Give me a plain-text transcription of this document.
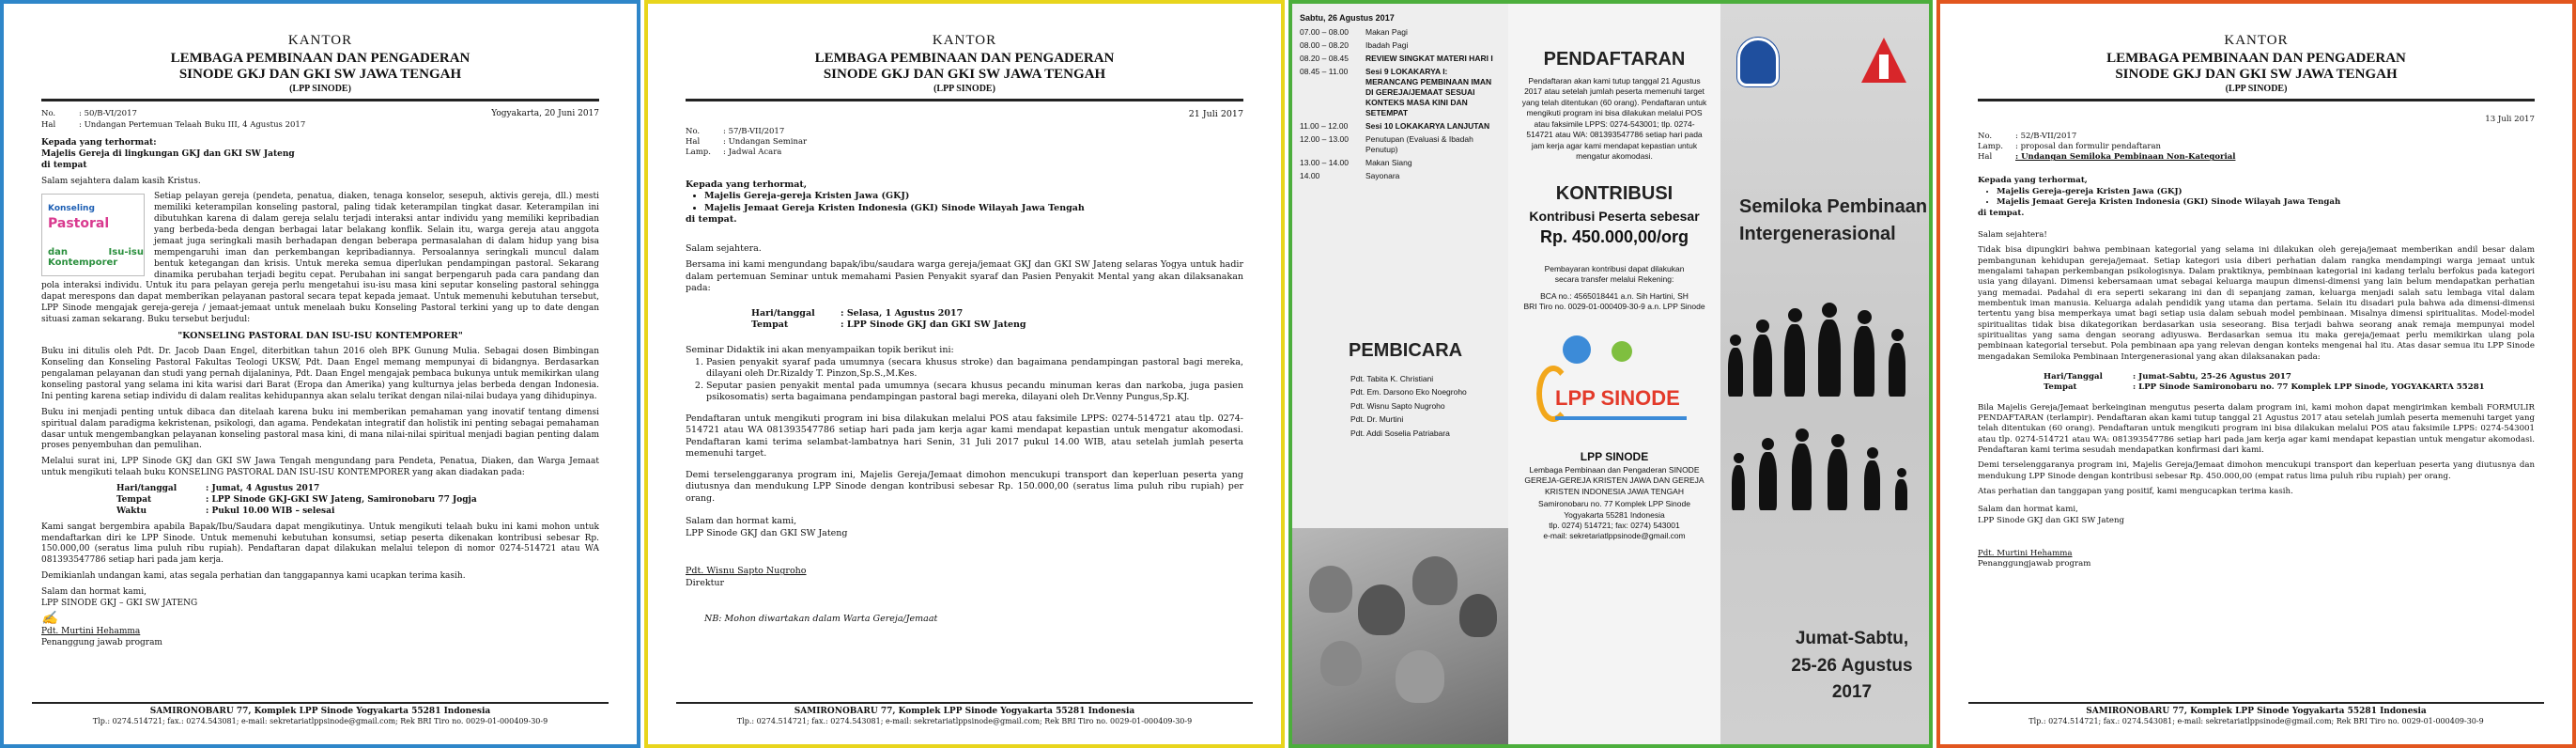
KANTOR
LEMBAGA PEMBINAAN DAN PENGADERAN
SINODE GKJ DAN GKI SW JAWA TENGAH
(LPP SINODE)
No.	: 50/B-VI/2017
Hal	: Undangan Pertemuan Telaah Buku III, 4 Agustus 2017
Yogyakarta, 20 Juni 2017
Kepada yang terhormat:
Majelis Gereja di lingkungan GKJ dan GKI SW Jateng
di tempat
Salam sejahtera dalam kasih Kristus.
Konseling
Pastoral
dan Isu-isu Kontemporer
Setiap pelayan gereja (pendeta, penatua, diaken, tenaga konselor, sesepuh, aktivis gereja, dll.) mesti memiliki keterampilan konseling pastoral, paling tidak keterampilan tingkat dasar. Keterampilan ini dibutuhkan karena di dalam gereja selalu terjadi interaksi antar individu yang memiliki kepribadian yang berbeda-beda dengan berbagai latar belakang konflik. Selain itu, warga gereja atau anggota jemaat juga seringkali masih berhadapan dengan beberapa permasalahan di dalam hidup yang bisa mempengaruhi iman dan perkembangan kepribadiannya. Persoalannya seringkali muncul dalam bentuk ketegangan dan krisis. Untuk mereka semua diperlukan pendampingan pastoral. Sekarang dinamika perubahan terjadi begitu cepat. Perubahan ini sangat berpengaruh pada cara pandang dan pola interaksi individu. Untuk itu para pelayan gereja perlu mengetahui isu-isu masa kini seputar konseling pastoral sehingga dapat merespons dan dapat memberikan pelayanan pastoral secara tepat kepada jemaat. Untuk memenuhi kebutuhan tersebut, LPP Sinode mengajak gereja-gereja / jemaat-jemaat untuk menelaah buku Konseling Pastoral terkini yang up to date dengan situasi zaman sekarang. Buku tersebut berjudul:
"KONSELING PASTORAL DAN ISU-ISU KONTEMPORER"
Buku ini ditulis oleh Pdt. Dr. Jacob Daan Engel, diterbitkan tahun 2016 oleh BPK Gunung Mulia. Sebagai dosen Bimbingan Konseling dan Konseling Pastoral Fakultas Teologi UKSW, Pdt. Daan Engel memang mempunyai di bidangnya. Berdasarkan pengalaman pelayanan dan studi yang pernah dijalaninya, Pdt. Daan Engel mengajak pembaca bukunya untuk memikirkan ulang konseling pastoral yang selama ini kita warisi dari Barat (Eropa dan Amerika) yang kulturnya jelas berbeda dengan Indonesia. Ini penting karena setiap individu di dalam realitas kehidupannya akan selalu terikat dengan nilai-nilai budaya yang dihidupinya.
Buku ini menjadi penting untuk dibaca dan ditelaah karena buku ini memberikan pemahaman yang inovatif tentang dimensi spiritual dalam paradigma kekristenan, psikologi, dan agama. Pendekatan integratif dan holistik ini penting sebagai pemahaman dasar untuk mengembangkan pelayanan konseling pastoral masa kini, di mana nilai-nilai spiritual menjadi bagian penting dalam proses penyembuhan dan pemulihan.
Melalui surat ini, LPP Sinode GKJ dan GKI SW Jawa Tengah mengundang para Pendeta, Penatua, Diaken, dan Warga Jemaat untuk mengikuti telaah buku KONSELING PASTORAL DAN ISU-ISU KONTEMPORER yang akan diadakan pada:
Hari/tanggal	: Jumat, 4 Agustus 2017
Tempat	: LPP Sinode GKJ-GKI SW Jateng, Samironobaru 77 Jogja
Waktu	: Pukul 10.00 WIB – selesai
Kami sangat bergembira apabila Bapak/Ibu/Saudara dapat mengikutinya. Untuk mengikuti telaah buku ini kami mohon untuk mendaftarkan diri ke LPP Sinode. Untuk memenuhi kebutuhan konsumsi, setiap peserta dikenakan kontribusi sebesar Rp. 150.000,00 (seratus lima puluh ribu rupiah). Pendaftaran dapat dilakukan melalui telepon di nomor 0274-514721 atau WA 081393547786 setiap hari pada jam kerja.
Demikianlah undangan kami, atas segala perhatian dan tanggapannya kami ucapkan terima kasih.
Salam dan hormat kami,
LPP SINODE GKJ – GKI SW JATENG
✍
Pdt. Murtini Hehamma
Penanggung jawab program
SAMIRONOBARU 77, Komplek LPP Sinode Yogyakarta 55281 Indonesia
Tlp.: 0274.514721; fax.: 0274.543081; e-mail: sekretariatlppsinode@gmail.com; Rek BRI Tiro no. 0029-01-000409-30-9
KANTOR
LEMBAGA PEMBINAAN DAN PENGADERAN
SINODE GKJ DAN GKI SW JAWA TENGAH
(LPP SINODE)
21 Juli 2017
No.	: 57/B-VII/2017
Hal	: Undangan Seminar
Lamp.	: Jadwal Acara
Kepada yang terhormat,
• Majelis Gereja-gereja Kristen Jawa (GKJ)
• Majelis Jemaat Gereja Kristen Indonesia (GKI) Sinode Wilayah Jawa Tengah
di tempat.
Salam sejahtera.
Bersama ini kami mengundang bapak/ibu/saudara warga gereja/jemaat GKJ dan GKI SW Jateng selaras Yogya untuk hadir dalam pertemuan Seminar untuk memahami Pasien Penyakit syaraf dan Pasien Penyakit Mental yang akan dilaksanakan pada:
Hari/tanggal	: Selasa, 1 Agustus 2017
Tempat	: LPP Sinode GKJ dan GKI SW Jateng
Seminar Didaktik ini akan menyampaikan topik berikut ini:
1. Pasien penyakit syaraf pada umumnya (secara khusus stroke) dan bagaimana pendampingan pastoral bagi mereka, dilayani oleh Dr.Rizaldy T. Pinzon,Sp.S.,M.Kes.
2. Seputar pasien penyakit mental pada umumnya (secara khusus pecandu minuman keras dan narkoba, juga pasien psikosomatis) serta bagaimana pendampingan pastoral bagi mereka, dilayani oleh Dr.Venny Pungus,Sp.KJ.
Pendaftaran untuk mengikuti program ini bisa dilakukan melalui POS atau faksimile LPPS: 0274-514721 atau tlp. 0274-514721 atau WA 081393547786 setiap hari pada jam kerja agar kami mendapat kepastian untuk mengatur akomodasi. Pendaftaran kami terima selambat-lambatnya hari Senin, 31 Juli 2017 pukul 14.00 WIB, atau setelah jumlah peserta memenuhi target.
Demi terselenggaranya program ini, Majelis Gereja/Jemaat dimohon mencukupi transport dan keperluan peserta yang diutusnya dan mendukung LPP Sinode dengan kontribusi sebesar Rp. 150.000,00 (seratus lima puluh ribu rupiah) per orang.
Salam dan hormat kami,
LPP Sinode GKJ dan GKI SW Jateng
Pdt. Wisnu Sapto Nugroho
Direktur
NB: Mohon diwartakan dalam Warta Gereja/Jemaat
SAMIRONOBARU 77, Komplek LPP Sinode Yogyakarta 55281 Indonesia
Tlp.: 0274.514721; fax.: 0274.543081; e-mail: sekretariatlppsinode@gmail.com; Rek BRI Tiro no. 0029-01-000409-30-9
Sabtu, 26 Agustus 2017
07.00 – 08.00	Makan Pagi
08.00 – 08.20	Ibadah Pagi
08.20 – 08.45	REVIEW SINGKAT MATERI HARI I
08.45 – 11.00	Sesi 9 LOKAKARYA I: MERANCANG PEMBINAAN IMAN DI GEREJA/JEMAAT SESUAI KONTEKS MASA KINI DAN SETEMPAT
11.00 – 12.00	Sesi 10 LOKAKARYA LANJUTAN
12.00 – 13.00	Penutupan (Evaluasi & Ibadah Penutup)
13.00 – 14.00	Makan Siang
14.00	Sayonara
PEMBICARA
Pdt. Tabita K. Christiani
Pdt. Em. Darsono Eko Noegroho
Pdt. Wisnu Sapto Nugroho
Pdt. Dr. Murtini
Pdt. Addi Soselia Patriabara
PENDAFTARAN
Pendaftaran akan kami tutup tanggal 21 Agustus 2017 atau setelah jumlah peserta memenuhi target yang telah ditentukan (60 orang). Pendaftaran untuk mengikuti program ini bisa dilakukan melalui POS atau faksimile LPPS: 0274-543001; tlp. 0274-514721 atau WA: 081393547786 setiap hari pada jam kerja agar kami mendapat kepastian untuk mengatur akomodasi.
KONTRIBUSI
Kontribusi Peserta sebesar
Rp. 450.000,00/org
Pembayaran kontribusi dapat dilakukan secara transfer melalui Rekening:
BCA no.: 4565018441 a.n. Sih Hartini, SH
BRI Tiro no. 0029-01-000409-30-9 a.n. LPP Sinode
LPP SINODE
LPP SINODE
Lembaga Pembinaan dan Pengaderan SINODE GEREJA-GEREJA KRISTEN JAWA DAN GEREJA KRISTEN INDONESIA JAWA TENGAH
Samironobaru no. 77 Komplek LPP Sinode Yogyakarta 55281 Indonesia
tlp. 0274) 514721; fax: 0274) 543001
e-mail: sekretariatlppsinode@gmail.com
Semiloka Pembinaan
Intergenerasional
Jumat-Sabtu,
25-26 Agustus 2017
KANTOR
LEMBAGA PEMBINAAN DAN PENGADERAN
SINODE GKJ DAN GKI SW JAWA TENGAH
(LPP SINODE)
13 Juli 2017
No.	: 52/B-VII/2017
Lamp.	: proposal dan formulir pendaftaran
Hal	: Undangan Semiloka Pembinaan Non-Kategorial
Kepada yang terhormat,
• Majelis Gereja-gereja Kristen Jawa (GKJ)
• Majelis Jemaat Gereja Kristen Indonesia (GKI) Sinode Wilayah Jawa Tengah
di tempat.
Salam sejahtera!
Tidak bisa dipungkiri bahwa pembinaan kategorial yang selama ini dilakukan oleh gereja/jemaat memberikan andil besar dalam pembangunan kehidupan gereja/jemaat. Setiap kategori usia diberi perhatian dalam rangka mendampingi warga jemaat untuk mengalami tahapan perkembangan psikologisnya. Dalam praktiknya, pembinaan kategorial ini kadang terlalu berfokus pada kategori usia yang dilayani. Dimensi kebersamaan umat sebagai keluarga maupun dimensi-dimensi yang lain belum mendapatkan perhatian yang memadai. Padahal di era seperti sekarang ini dan di sepanjang zaman, keluarga menjadi salah satu lembaga vital dalam membentuk iman manusia. Keluarga adalah pendidik yang utama dan pertama. Selain itu disadari pula bahwa ada dimensi-dimensi tertentu yang bisa memperkaya umat bagi setiap usia dalam sebuah model pembinaan. Misalnya dimensi spiritualitas. Model-model spiritualitas tidak bisa dikategorikan berdasarkan usia seseorang. Bisa terjadi bahwa seorang anak remaja mempunyai model spiritualitas yang sama dengan seorang adiyuswa. Berdasarkan semua itu maka gereja/jemaat perlu memikirkan ulang pola pembinaan kategorial tersebut. Pola pembinaan apa yang relevan dengan konteks mengenai hal itu. Atas dasar semua itu LPP Sinode mengadakan Semiloka Pembinaan Intergenerasional yang akan dilaksanakan pada:
Hari/Tanggal	: Jumat-Sabtu, 25-26 Agustus 2017
Tempat	: LPP Sinode Samironobaru no. 77 Komplek LPP Sinode, YOGYAKARTA 55281
Bila Majelis Gereja/Jemaat berkeinginan mengutus peserta dalam program ini, kami mohon dapat mengirimkan kembali FORMULIR PENDAFTARAN (terlampir). Pendaftaran akan kami tutup tanggal 21 Agustus 2017 atau setelah jumlah peserta memenuhi target yang telah ditentukan (60 orang). Pendaftaran untuk mengikuti program ini bisa dilakukan melalui POS atau faksimile LPPS: 0274-543001 atau tlp. 0274-514721 atau WA: 081393547786 setiap hari pada jam kerja agar kami mendapat kepastian untuk mengatur akomodasi. Pendaftaran kami terima sesudah mendapatkan konfirmasi dari kami.
Demi terselenggaranya program ini, Majelis Gereja/Jemaat dimohon mencukupi transport dan keperluan peserta yang diutusnya dan mendukung LPP Sinode dengan kontribusi sebesar Rp. 450.000,00 (empat ratus lima puluh ribu rupiah) per orang.
Atas perhatian dan tanggapan yang positif, kami mengucapkan terima kasih.
Salam dan hormat kami,
LPP Sinode GKJ dan GKI SW Jateng
Pdt. Murtini Hehamma
Penanggungjawab program
SAMIRONOBARU 77, Komplek LPP Sinode Yogyakarta 55281 Indonesia
Tlp.: 0274.514721; fax.: 0274.543081; e-mail: sekretariatlppsinode@gmail.com; Rek BRI Tiro no. 0029-01-000409-30-9
